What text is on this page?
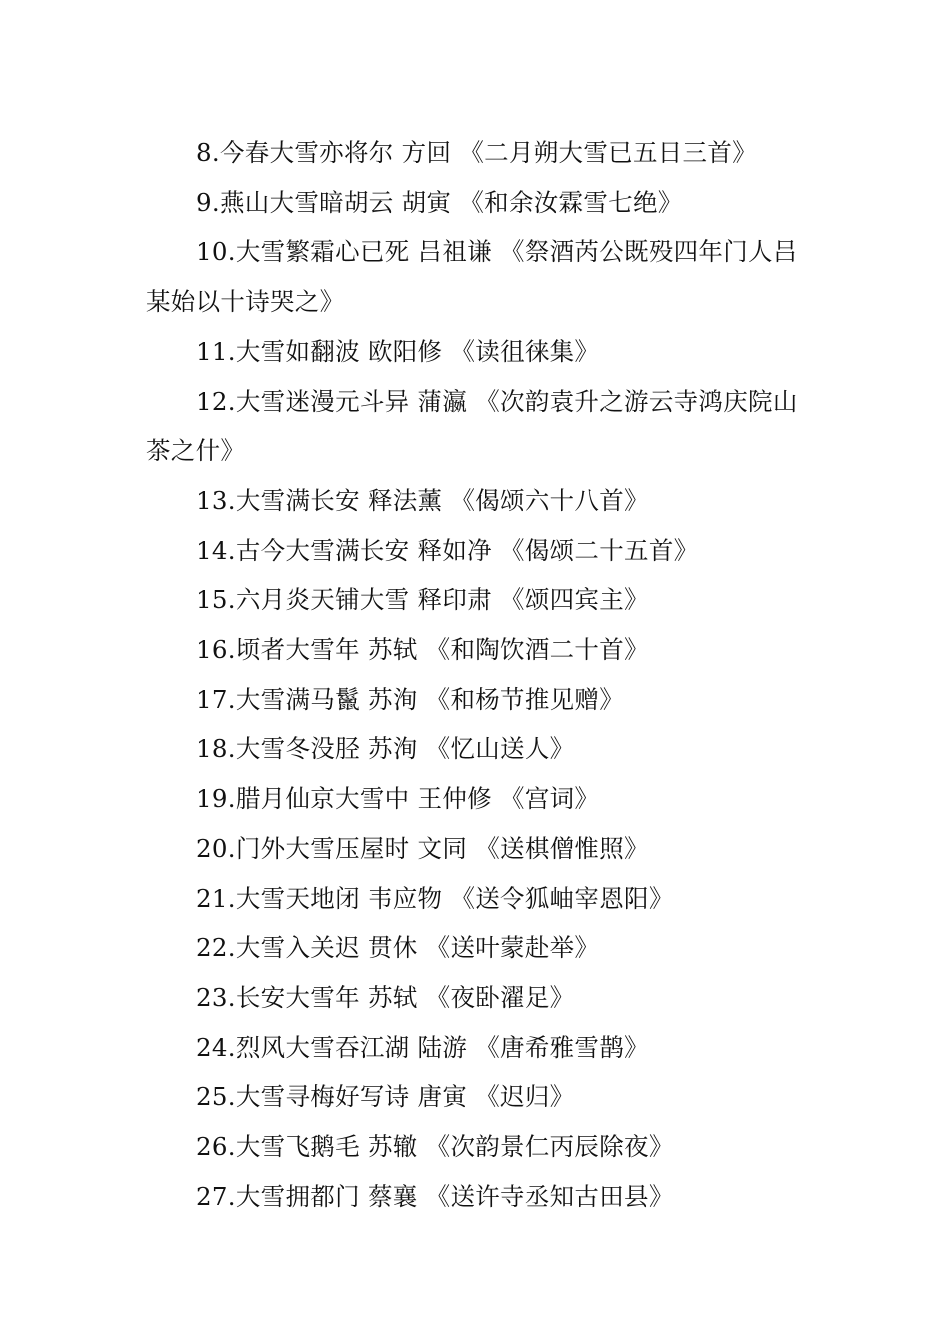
8.今春大雪亦将尔 方回 《二月朔大雪已五日三首》

9.燕山大雪暗胡云 胡寅 《和余汝霖雪七绝》

10.大雪繁霜心已死 吕祖谦 《祭酒芮公既殁四年门人吕某始以十诗哭之》

11.大雪如翻波 欧阳修 《读徂徕集》

12.大雪迷漫元斗异 蒲瀛 《次韵袁升之游云寺鸿庆院山茶之什》

13.大雪满长安 释法薰 《偈颂六十八首》

14.古今大雪满长安 释如净 《偈颂二十五首》

15.六月炎天铺大雪 释印肃 《颂四宾主》

16.顷者大雪年 苏轼 《和陶饮酒二十首》

17.大雪满马鬣 苏洵 《和杨节推见赠》

18.大雪冬没胫 苏洵 《忆山送人》

19.腊月仙京大雪中 王仲修 《宫词》

20.门外大雪压屋时 文同 《送棋僧惟照》

21.大雪天地闭 韦应物 《送令狐岫宰恩阳》

22.大雪入关迟 贯休 《送叶蒙赴举》

23.长安大雪年 苏轼 《夜卧濯足》

24.烈风大雪吞江湖 陆游 《唐希雅雪鹊》

25.大雪寻梅好写诗 唐寅 《迟归》

26.大雪飞鹅毛 苏辙 《次韵景仁丙辰除夜》

27.大雪拥都门 蔡襄 《送许寺丞知古田县》
